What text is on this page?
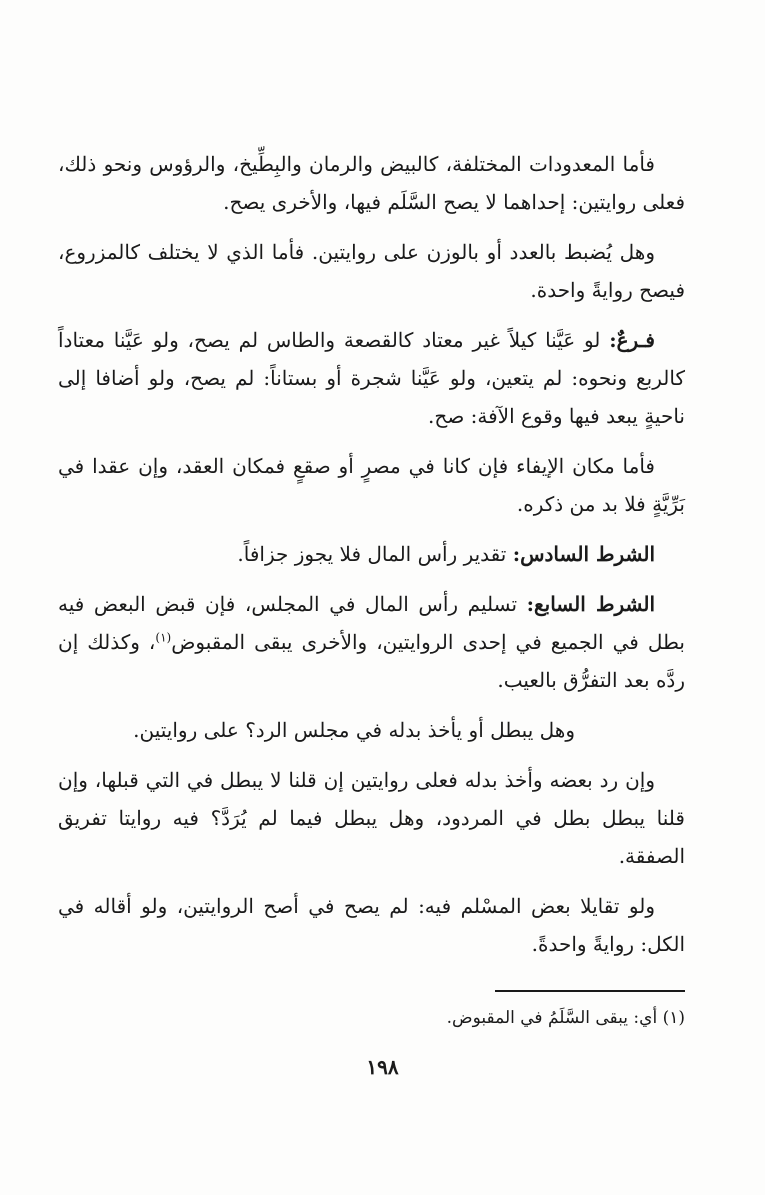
فأما المعدودات المختلفة، كالبيض والرمان والبِطِّيخ، والرؤوس ونحو ذلك، فعلى روايتين: إحداهما لا يصح السَّلَم فيها، والأخرى يصح.

وهل يُضبط بالعدد أو بالوزن على روايتين. فأما الذي لا يختلف كالمزروع، فيصح روايةً واحدة.

فـرعٌ: لو عَيَّنا كيلاً غير معتاد كالقصعة والطاس لم يصح، ولو عَيَّنا معتاداً كالربع ونحوه: لم يتعين، ولو عَيَّنا شجرة أو بستاناً: لم يصح، ولو أضافا إلى ناحيةٍ يبعد فيها وقوع الآفة: صح.

فأما مكان الإيفاء فإن كانا في مصرٍ أو صقعٍ فمكان العقد، وإن عقدا في بَرِّيَّةٍ فلا بد من ذكره.

الشرط السادس: تقدير رأس المال فلا يجوز جزافاً.

الشرط السابع: تسليم رأس المال في المجلس، فإن قبض البعض فيه بطل في الجميع في إحدى الروايتين، والأخرى يبقى المقبوض$^{(١)}$، وكذلك إن ردَّه بعد التفرُّق بالعيب.

وهل يبطل أو يأخذ بدله في مجلس الرد؟ على روايتين.

وإن رد بعضه وأخذ بدله فعلى روايتين إن قلنا لا يبطل في التي قبلها، وإن قلنا يبطل بطل في المردود، وهل يبطل فيما لم يُرَدَّ؟ فيه روايتا تفريق الصفقة.

ولو تقايلا بعض المسْلم فيه: لم يصح في أصح الروايتين، ولو أقاله في الكل: روايةً واحدةً.

(١) أي: يبقى السَّلَمُ في المقبوض.
١٩٨
